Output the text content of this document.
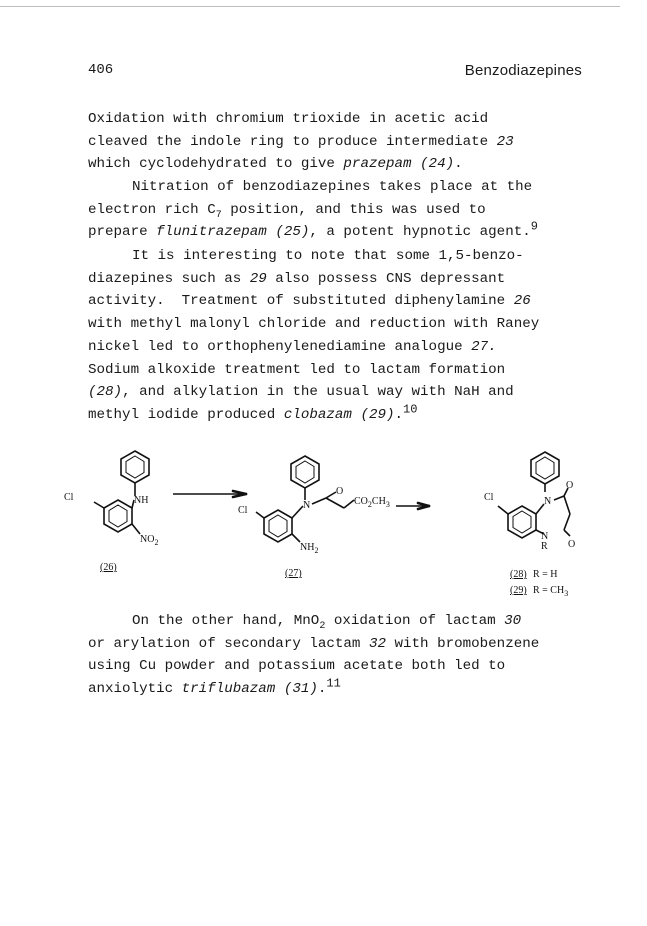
406	Benzodiazepines

Oxidation with chromium trioxide in acetic acid

cleaved the indole ring to produce intermediate 23

which cyclodehydrated to give prazepam (24).

Nitration of benzodiazepines takes place at the

electron rich $C_7$ position, and this was used to

prepare flunitrazepam (25), a potent hypnotic agent.$^9$

It is interesting to note that some 1,5-benzo-

diazepines such as 29 also possess CNS depressant

activity.  Treatment of substituted diphenylamine 26

with methyl malonyl chloride and reduction with Raney

nickel led to orthophenylenediamine analogue 27.

Sodium alkoxide treatment led to lactam formation

(28), and alkylation in the usual way with NaH and

methyl iodide produced clobazam (29).$^{10}$

Cl	NH
$NO_2$
Cl	N
O
$CO_2CH_3$
$NH_2$
Cl	N
O
N
R O
(26)
(27)	(28) R = H
(29) $R = CH_3$

On the other hand, MnO$_2$ oxidation of lactam 30

or arylation of secondary lactam 32 with bromobenzene

using Cu powder and potassium acetate both led to

anxiolytic triflubazam (31).$^{11}$
